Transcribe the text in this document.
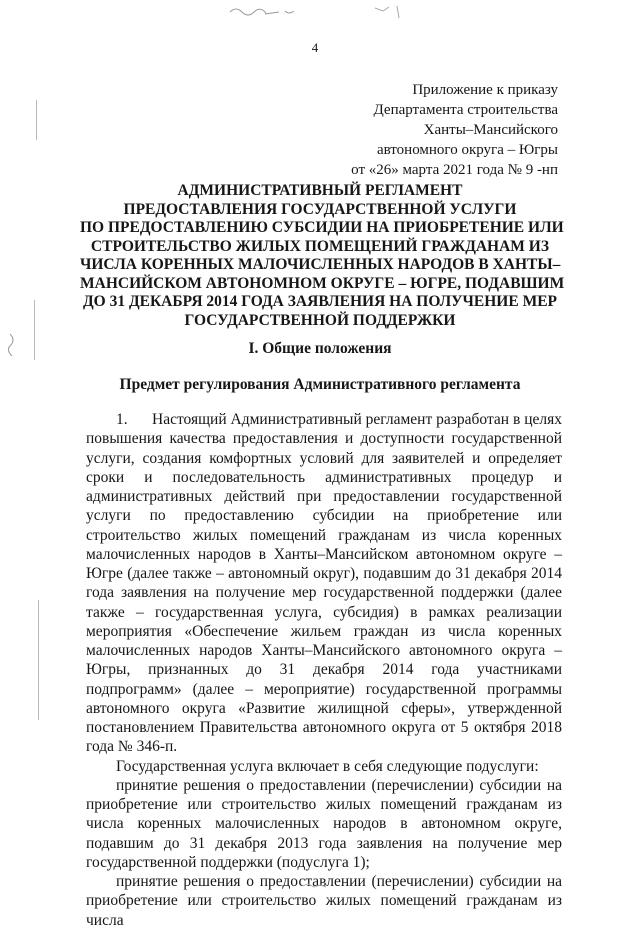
4
Приложение к приказу
Департамента строительства
Ханты–Мансийского
автономного округа – Югры
от «26» марта 2021 года № 9 -нп
АДМИНИСТРАТИВНЫЙ РЕГЛАМЕНТ
ПРЕДОСТАВЛЕНИЯ ГОСУДАРСТВЕННОЙ УСЛУГИ
ПО ПРЕДОСТАВЛЕНИЮ СУБСИДИИ НА ПРИОБРЕТЕНИЕ ИЛИ
СТРОИТЕЛЬСТВО ЖИЛЫХ ПОМЕЩЕНИЙ ГРАЖДАНАМ ИЗ
ЧИСЛА КОРЕННЫХ МАЛОЧИСЛЕННЫХ НАРОДОВ В ХАНТЫ–
МАНСИЙСКОМ АВТОНОМНОМ ОКРУГЕ – ЮГРЕ, ПОДАВШИМ
ДО 31 ДЕКАБРЯ 2014 ГОДА ЗАЯВЛЕНИЯ НА ПОЛУЧЕНИЕ МЕР
ГОСУДАРСТВЕННОЙ ПОДДЕРЖКИ
I. Общие положения
Предмет регулирования Административного регламента

1. Настоящий Административный регламент разработан в целях повышения качества предоставления и доступности государственной услуги, создания комфортных условий для заявителей и определяет сроки и последовательность административных процедур и административных действий при предоставлении государственной услуги по предоставлению субсидии на приобретение или строительство жилых помещений гражданам из числа коренных малочисленных народов в Ханты–Мансийском автономном округе – Югре (далее также – автономный округ), подавшим до 31 декабря 2014 года заявления на получение мер государственной поддержки (далее также – государственная услуга, субсидия) в рамках реализации мероприятия «Обеспечение жильем граждан из числа коренных малочисленных народов Ханты–Мансийского автономного округа – Югры, признанных до 31 декабря 2014 года участниками подпрограмм» (далее – мероприятие) государственной программы автономного округа «Развитие жилищной сферы», утвержденной постановлением Правительства автономного округа от 5 октября 2018 года № 346-п.

Государственная услуга включает в себя следующие подуслуги:

принятие решения о предоставлении (перечислении) субсидии на приобретение или строительство жилых помещений гражданам из числа коренных малочисленных народов в автономном округе, подавшим до 31 декабря 2013 года заявления на получение мер государственной поддержки (подуслуга 1);

принятие решения о предоставлении (перечислении) субсидии на приобретение или строительство жилых помещений гражданам из числа
